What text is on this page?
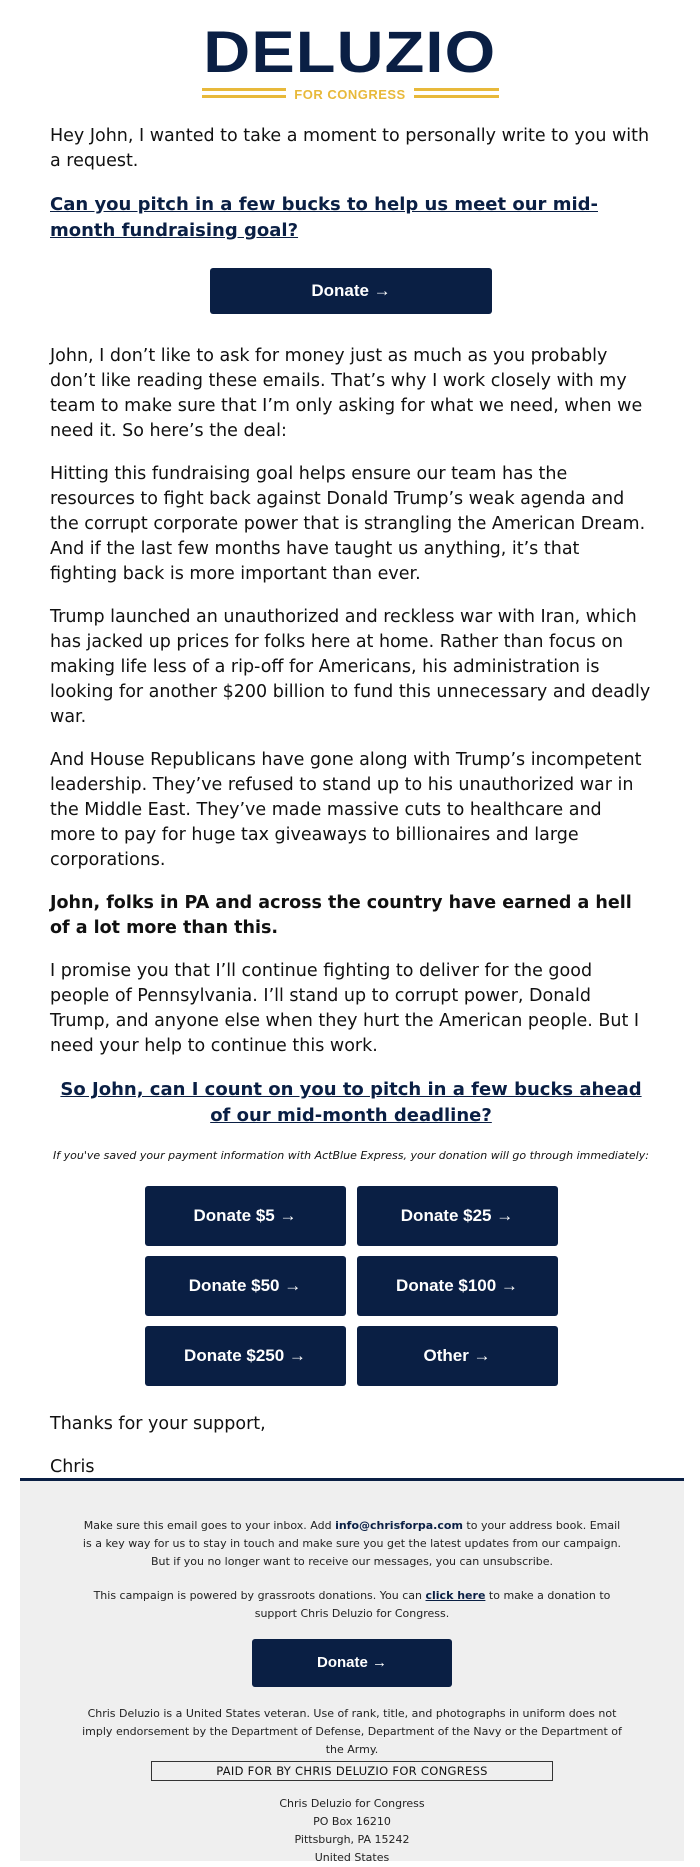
DELUZIO
FOR CONGRESS

Hey John, I wanted to take a moment to personally write to you with a request.

Can you pitch in a few bucks to help us meet our mid-month fundraising goal?
Donate →

John, I don’t like to ask for money just as much as you probably don’t like reading these emails. That’s why I work closely with my team to make sure that I’m only asking for what we need, when we need it. So here’s the deal:

Hitting this fundraising goal helps ensure our team has the resources to fight back against Donald Trump’s weak agenda and the corrupt corporate power that is strangling the American Dream. And if the last few months have taught us anything, it’s that fighting back is more important than ever.

Trump launched an unauthorized and reckless war with Iran, which has jacked up prices for folks here at home. Rather than focus on making life less of a rip-off for Americans, his administration is looking for another $200 billion to fund this unnecessary and deadly war.

And House Republicans have gone along with Trump’s incompetent leadership. They’ve refused to stand up to his unauthorized war in the Middle East. They’ve made massive cuts to healthcare and more to pay for huge tax giveaways to billionaires and large corporations.

John, folks in PA and across the country have earned a hell of a lot more than this.

I promise you that I’ll continue fighting to deliver for the good people of Pennsylvania. I’ll stand up to corrupt power, Donald Trump, and anyone else when they hurt the American people. But I need your help to continue this work.

So John, can I count on you to pitch in a few bucks ahead of our mid-month deadline?

If you've saved your payment information with ActBlue Express, your donation will go through immediately:

Donate $5 →	Donate $25 →
Donate $50 →	Donate $100 →
Donate $250 →	Other →

Thanks for your support,

Chris

Make sure this email goes to your inbox. Add info@chrisforpa.com to your address book. Email is a key way for us to stay in touch and make sure you get the latest updates from our campaign. But if you no longer want to receive our messages, you can unsubscribe.

This campaign is powered by grassroots donations. You can click here to make a donation to support Chris Deluzio for Congress.

Donate →

Chris Deluzio is a United States veteran. Use of rank, title, and photographs in uniform does not imply endorsement by the Department of Defense, Department of the Navy or the Department of the Army.

PAID FOR BY CHRIS DELUZIO FOR CONGRESS
Chris Deluzio for Congress
PO Box 16210
Pittsburgh, PA 15242
United States
